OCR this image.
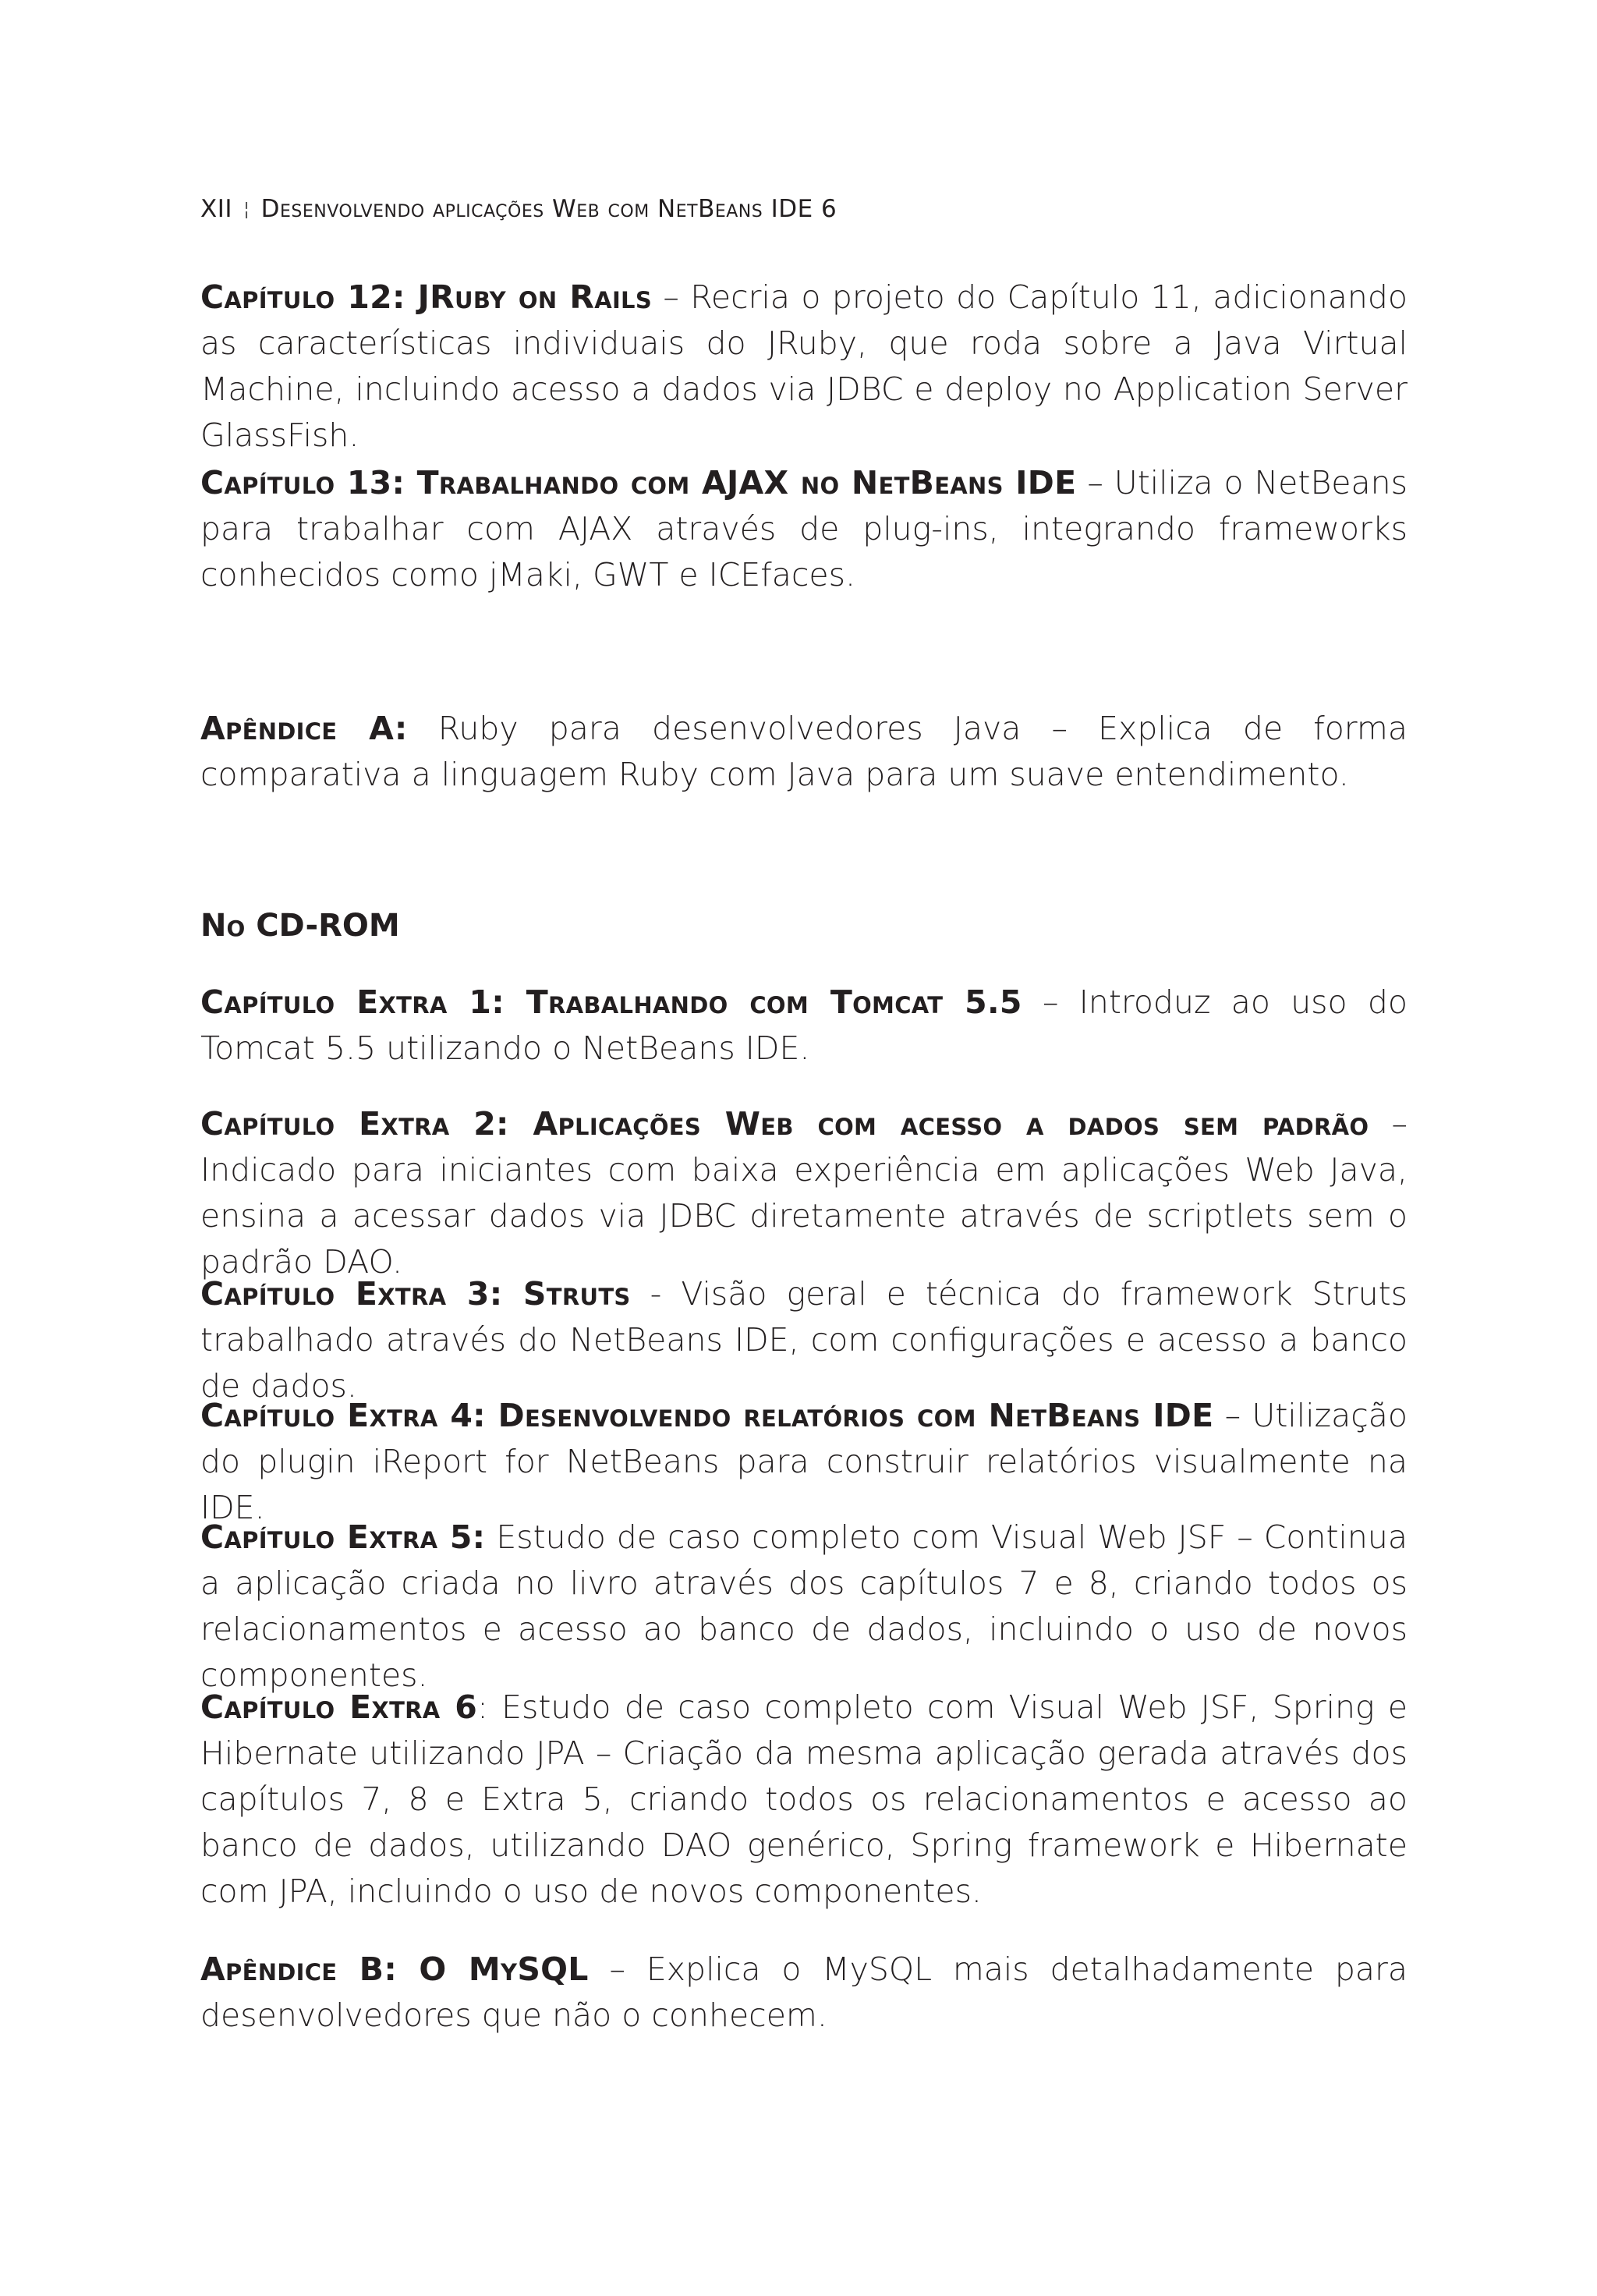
XII ¦ Desenvolvendo aplicações Web com NetBeans IDE 6

Capítulo 12: JRuby on Rails – Recria o projeto do Capítulo 11, adicionando as características individuais do JRuby, que roda sobre a Java Virtual Machine, incluindo acesso a dados via JDBC e deploy no Application Server GlassFish.

Capítulo 13: Trabalhando com AJAX no NetBeans IDE – Utiliza o NetBeans para trabalhar com AJAX através de plug-ins, integrando frameworks conhecidos como jMaki, GWT e ICEfaces.

Apêndice A: Ruby para desenvolvedores Java – Explica de forma comparativa a linguagem Ruby com Java para um suave entendimento.

No CD-ROM

Capítulo Extra 1: Trabalhando com Tomcat 5.5 – Introduz ao uso do Tomcat 5.5 utilizando o NetBeans IDE.

Capítulo Extra 2: Aplicações Web com acesso a dados sem padrão – Indicado para iniciantes com baixa experiência em aplicações Web Java, ensina a acessar dados via JDBC diretamente através de scriptlets sem o padrão DAO.

Capítulo Extra 3: Struts - Visão geral e técnica do framework Struts trabalhado através do NetBeans IDE, com configurações e acesso a banco de dados.

Capítulo Extra 4: Desenvolvendo relatórios com NetBeans IDE – Utilização do plugin iReport for NetBeans para construir relatórios visualmente na IDE.

Capítulo Extra 5: Estudo de caso completo com Visual Web JSF – Continua a aplicação criada no livro através dos capítulos 7 e 8, criando todos os relacionamentos e acesso ao banco de dados, incluindo o uso de novos componentes.

Capítulo Extra 6: Estudo de caso completo com Visual Web JSF, Spring e Hibernate utilizando JPA – Criação da mesma aplicação gerada através dos capítulos 7, 8 e Extra 5, criando todos os relacionamentos e acesso ao banco de dados, utilizando DAO genérico, Spring framework e Hibernate com JPA, incluindo o uso de novos componentes.

Apêndice B: O MySQL – Explica o MySQL mais detalhadamente para desenvolvedores que não o conhecem.
